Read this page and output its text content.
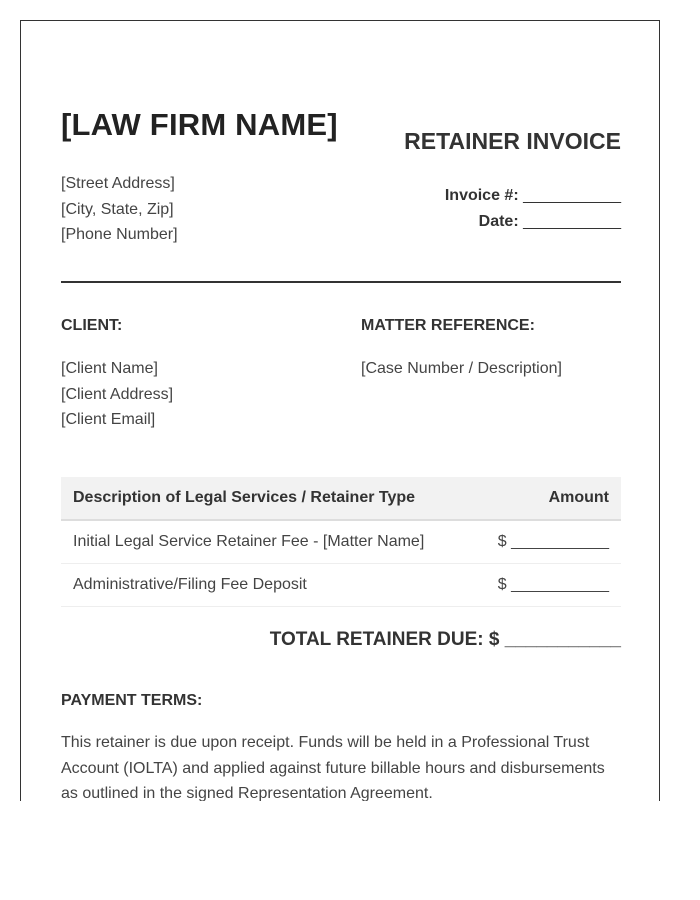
[LAW FIRM NAME]	RETAINER INVOICE
[Street Address]
[City, State, Zip]
[Phone Number]
Invoice #: ___________
Date: ___________
CLIENT:
[Client Name]
[Client Address]
[Client Email]
MATTER REFERENCE:
[Case Number / Description]
Description of Legal Services / Retainer Type	Amount
Initial Legal Service Retainer Fee - [Matter Name]	$ ___________
Administrative/Filing Fee Deposit	$ ___________
TOTAL RETAINER DUE: $ ___________
PAYMENT TERMS:
This retainer is due upon receipt. Funds will be held in a Professional Trust Account (IOLTA) and applied against future billable hours and disbursements as outlined in the signed Representation Agreement.
